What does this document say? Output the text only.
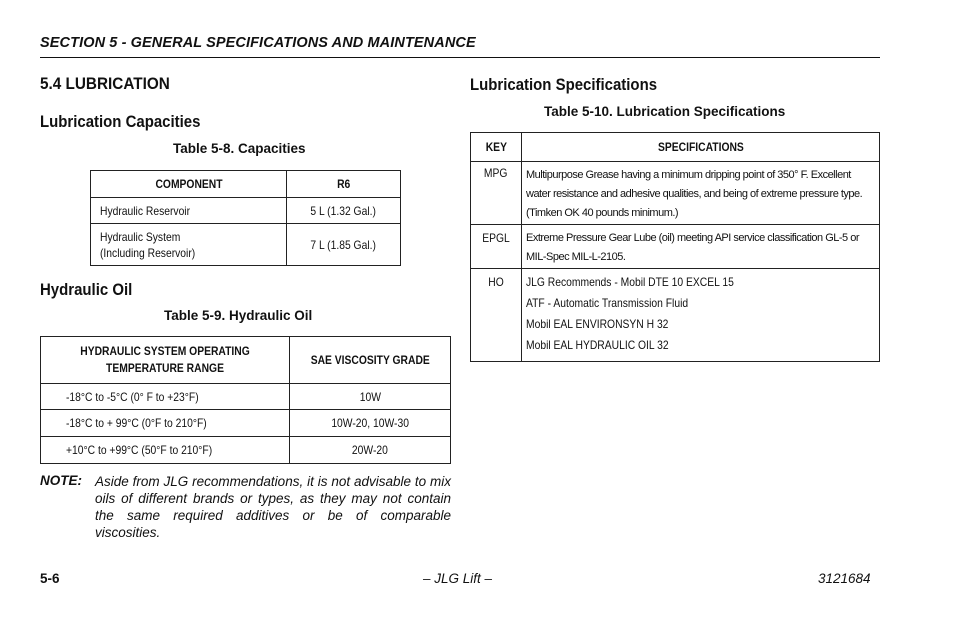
SECTION 5 - GENERAL SPECIFICATIONS AND MAINTENANCE
5.4 LUBRICATION
Lubrication Capacities
Table 5-8. Capacities
COMPONENT	R6
Hydraulic Reservoir	5 L (1.32 Gal.)

Hydraulic System
(Including Reservoir)	7 L (1.85 Gal.)
Hydraulic Oil
Table 5-9. Hydraulic Oil
HYDRAULIC SYSTEM OPERATING
TEMPERATURE RANGE	SAE VISCOSITY GRADE
-18°C to -5°C (0° F to +23°F)	10W
-18°C to + 99°C (0°F to 210°F)	10W-20, 10W-30
+10°C to +99°C (50°F to 210°F)	20W-20
NOTE: Aside from JLG recommendations, it is not advisable to mix oils of different brands or types, as they may not contain the same required additives or be of comparable viscosities.
Lubrication Specifications
Table 5-10. Lubrication Specifications
KEY	SPECIFICATIONS
MPG	Multipurpose Grease having a minimum dripping point of 350° F. Excellent water resistance and adhesive qualities, and being of extreme pressure type. (Timken OK 40 pounds minimum.)
EPGL	Extreme Pressure Gear Lube (oil) meeting API service classification GL-5 or MIL-Spec MIL-L-2105.
HO	JLG Recommends - Mobil DTE 10 EXCEL 15
ATF - Automatic Transmission Fluid
Mobil EAL ENVIRONSYN H 32
Mobil EAL HYDRAULIC OIL 32
5-6	– JLG Lift –	3121684
